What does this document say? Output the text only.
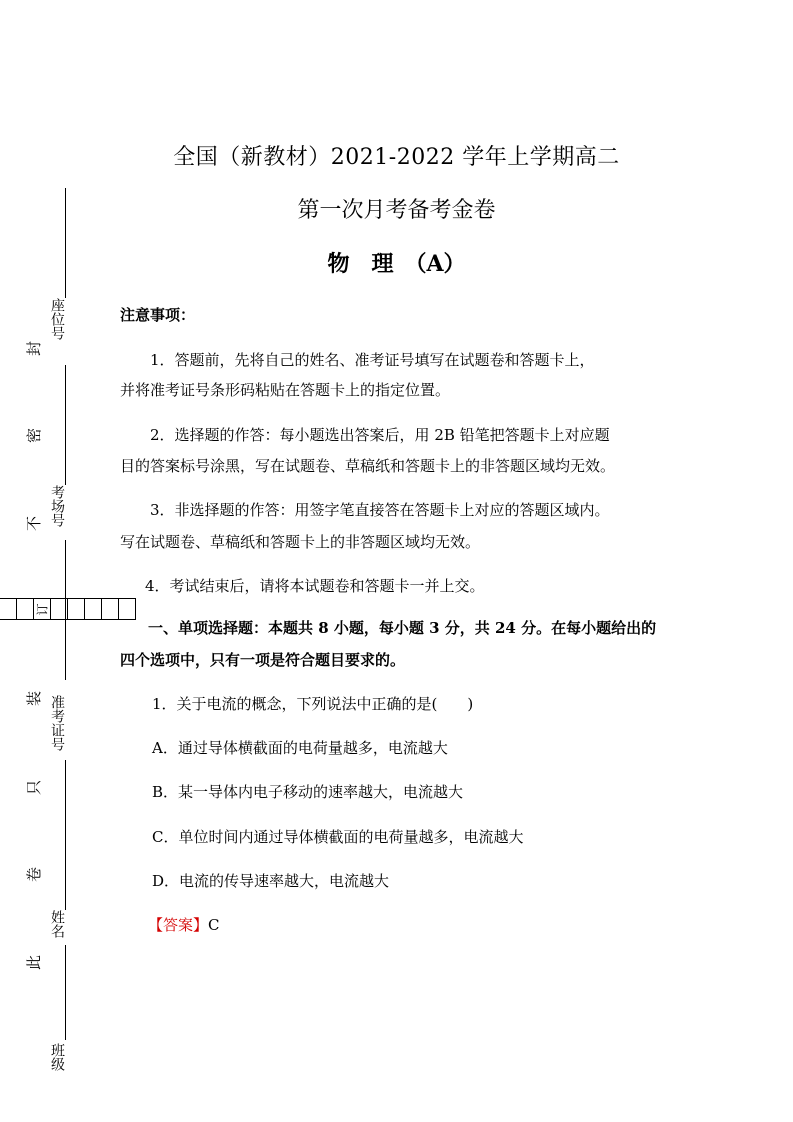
座位号
考场号
准考证号
姓名
班级
封
密
不
装
只
卷
此
订
全国（新教材）2021-2022 学年上学期高二
第一次月考备考金卷
物　理　（A）
注意事项：
1．答题前，先将自己的姓名、准考证号填写在试题卷和答题卡上，
并将准考证号条形码粘贴在答题卡上的指定位置。
2．选择题的作答：每小题选出答案后，用 2B 铅笔把答题卡上对应题
目的答案标号涂黑，写在试题卷、草稿纸和答题卡上的非答题区域均无效。
3．非选择题的作答：用签字笔直接答在答题卡上对应的答题区域内。
写在试题卷、草稿纸和答题卡上的非答题区域均无效。
4．考试结束后，请将本试题卷和答题卡一并上交。
一、单项选择题：本题共 8 小题，每小题 3 分，共 24 分。在每小题给出的
四个选项中，只有一项是符合题目要求的。
1．关于电流的概念，下列说法中正确的是(　　)
A．通过导体横截面的电荷量越多，电流越大
B．某一导体内电子移动的速率越大，电流越大
C．单位时间内通过导体横截面的电荷量越多，电流越大
D．电流的传导速率越大，电流越大
【答案】C
